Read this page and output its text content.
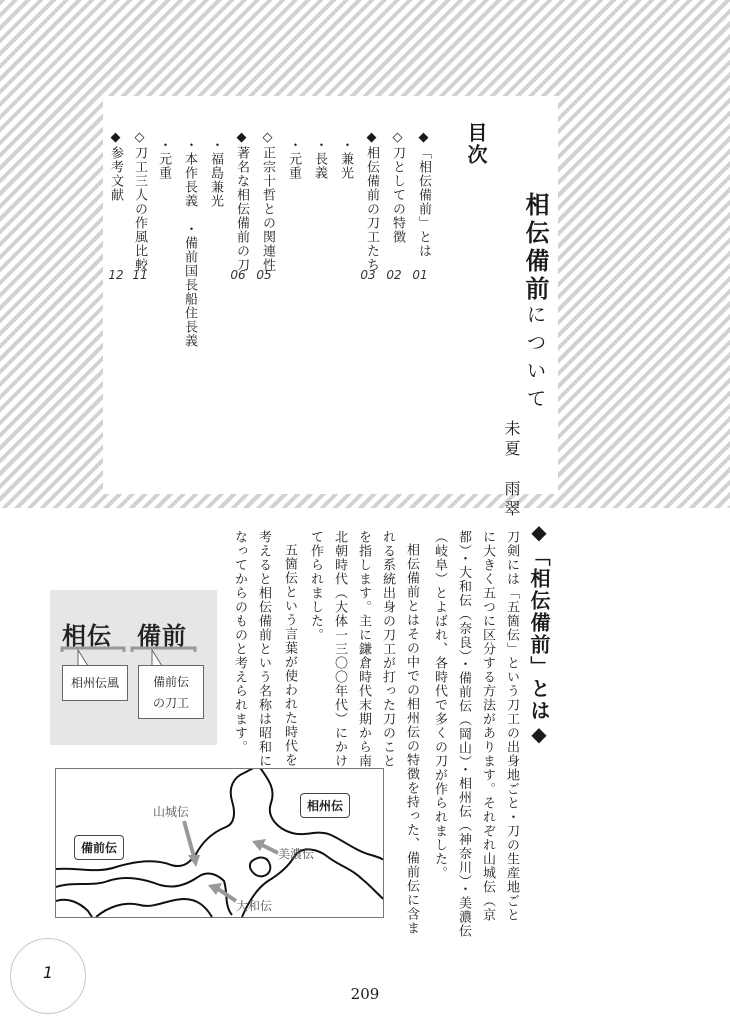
目次
◆「相伝備前」とは
01
◇刀としての特徴
02
◆相伝備前の刀工たち
03
・兼光
・長義
・元重
◇正宗十哲との関連性
05
◆著名な相伝備前の刀
06
・福島兼光
・本作長義　・備前国長船住長義
・元重
◇刀工三人の作風比較
11
◆参考文献
12	相伝備前について
未夏　雨翠
◆「相伝備前」とは◆
刀剣には「五箇伝」という刀工の出身地ごと・刀の生産地ごと
に大きく五つに区分する方法があります。それぞれ山城伝（京
都）・大和伝（奈良）・備前伝（岡山）・相州伝（神奈川）・美濃伝
（岐阜）とよばれ、各時代で多くの刀が作られました。
相伝備前とはその中での相州伝の特徴を持った、備前伝に含ま
れる系統出身の刀工が打った刀のこと
を指します。主に鎌倉時代末期から南
北朝時代（大体一三〇〇年代）にかけ
て作られました。
五箇伝という言葉が使われた時代を
考えると相伝備前という名称は昭和に
なってからのものと考えられます。
相伝 備前
相州伝風	備前伝
の刀工
山城伝
美濃伝
大和伝
相州伝
備前伝
1
209
